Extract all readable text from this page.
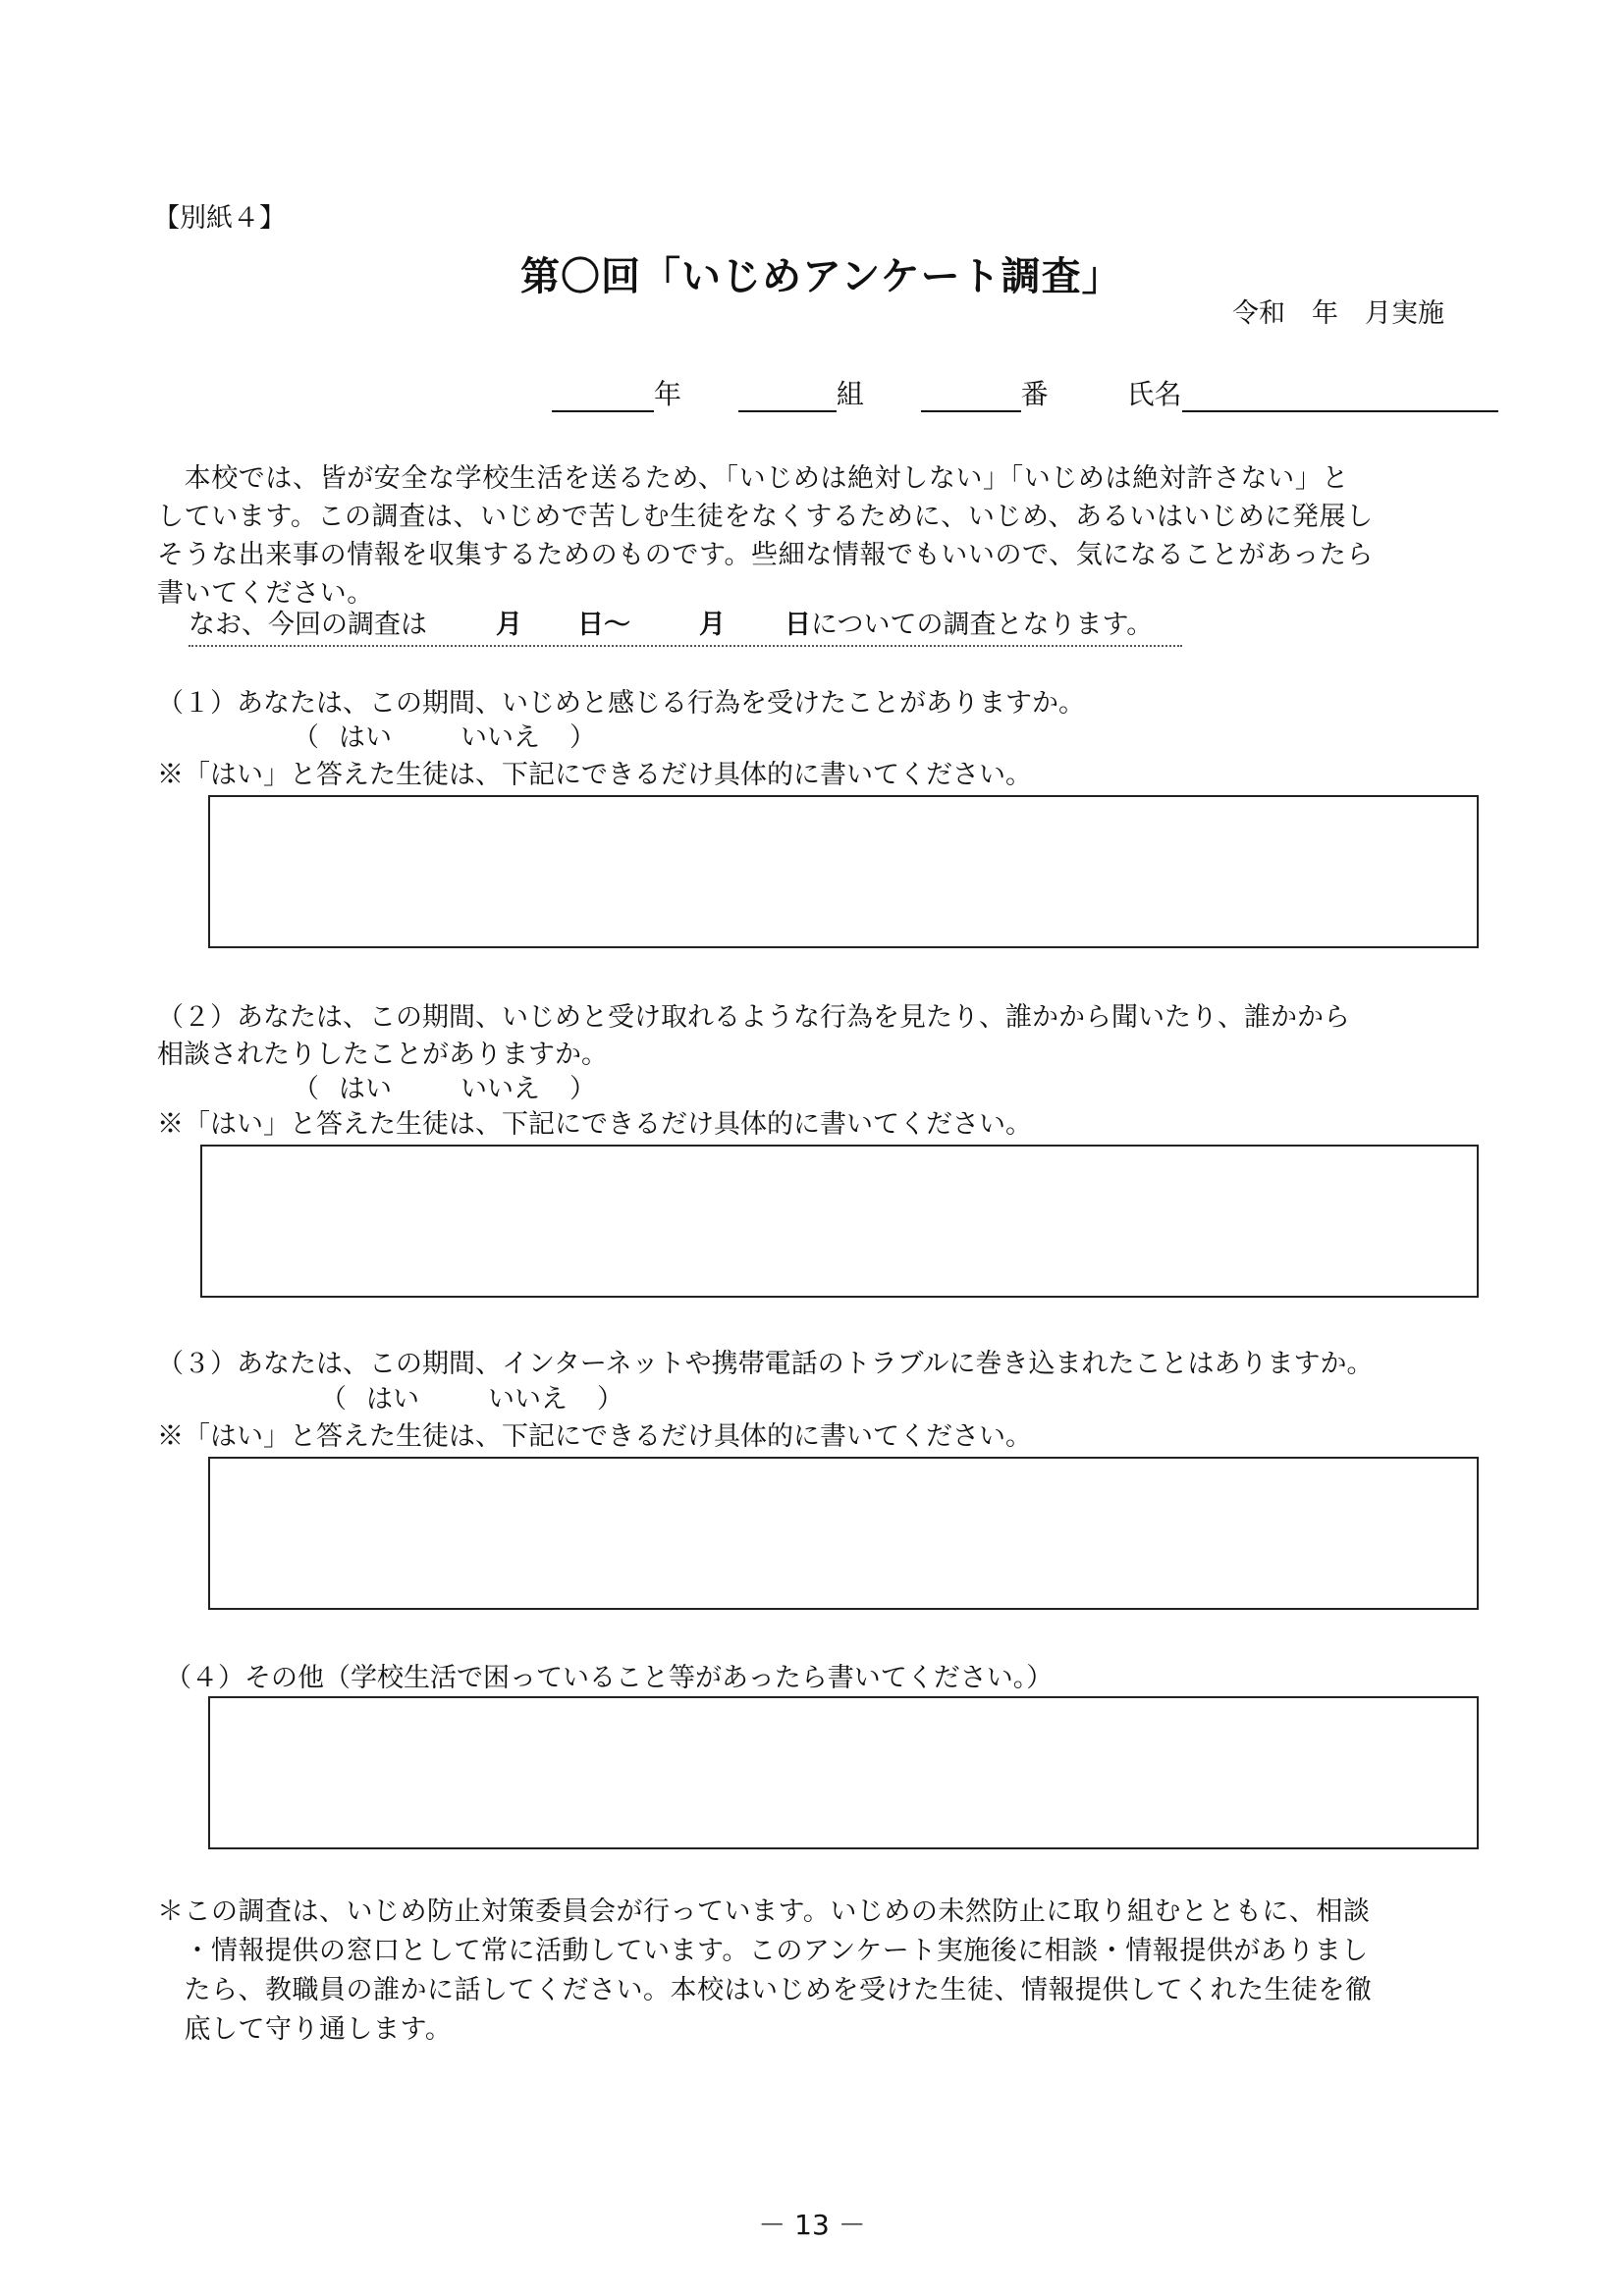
【別紙４】
第〇回「いじめアンケート調査」
令和　年　月実施
年	組	番	氏名

　本校では、皆が安全な学校生活を送るため、「いじめは絶対しない」「いじめは絶対許さない」と

しています。この調査は、いじめで苦しむ生徒をなくするために、いじめ、あるいはいじめに発展し

そうな出来事の情報を収集するためのものです。些細な情報でもいいので、気になることがあったら

書いてください。

なお、今回の調査は	月 日〜	月 日についての調査となります。
（１）あなたは、この期間、いじめと感じる行為を受けたことがありますか。
（ はい	いいえ ）
※「はい」と答えた生徒は、下記にできるだけ具体的に書いてください。
（２）あなたは、この期間、いじめと受け取れるような行為を見たり、誰かから聞いたり、誰かから
相談されたりしたことがありますか。
（ はい	いいえ ）
※「はい」と答えた生徒は、下記にできるだけ具体的に書いてください。
（３）あなたは、この期間、インターネットや携帯電話のトラブルに巻き込まれたことはありますか。
（ はい	いいえ ）
※「はい」と答えた生徒は、下記にできるだけ具体的に書いてください。
（４）その他（学校生活で困っていること等があったら書いてください。）

＊この調査は、いじめ防止対策委員会が行っています。いじめの未然防止に取り組むとともに、相談

　・情報提供の窓口として常に活動しています。このアンケート実施後に相談・情報提供がありまし

　たら、教職員の誰かに話してください。本校はいじめを受けた生徒、情報提供してくれた生徒を徹

　底して守り通します。

－ 13 －
